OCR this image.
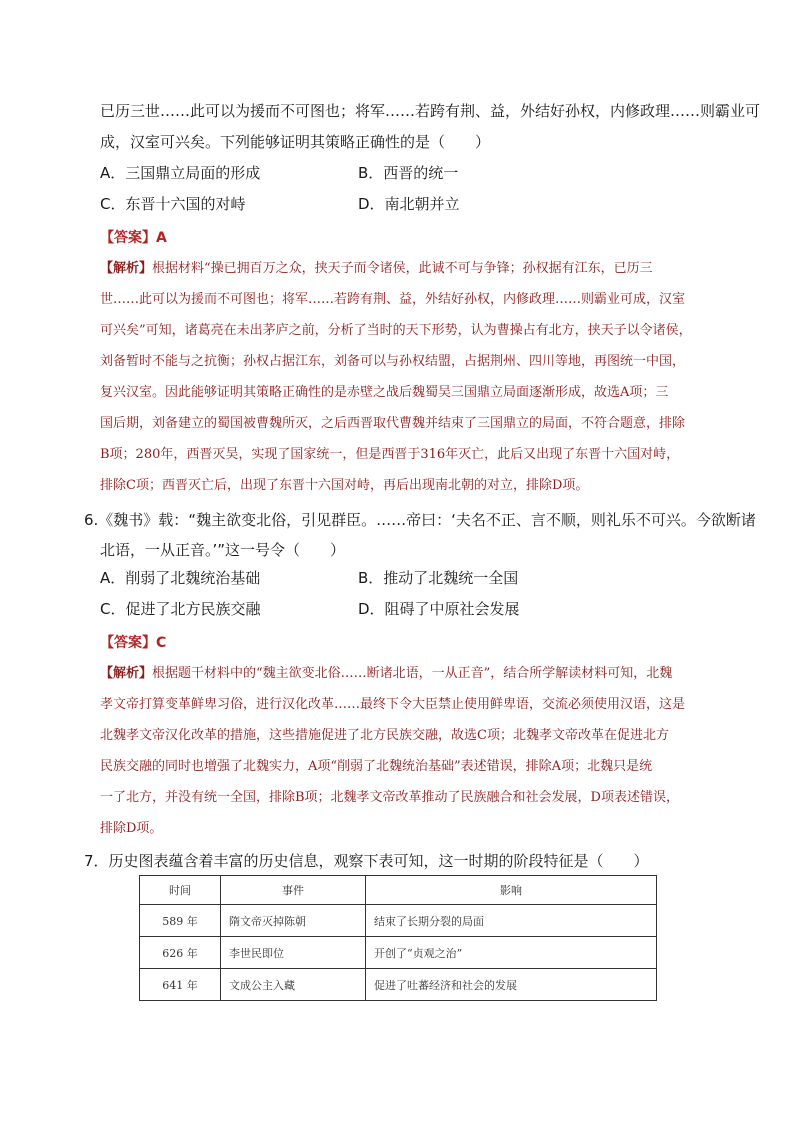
已历三世……此可以为援而不可图也；将军……若跨有荆、益，外结好孙权，内修政理……则霸业可
成，汉室可兴矣。下列能够证明其策略正确性的是（　　）
A．三国鼎立局面的形成	B．西晋的统一
C．东晋十六国的对峙	D．南北朝并立
【答案】A
【解析】根据材料“操已拥百万之众，挟天子而令诸侯，此诚不可与争锋；孙权据有江东，已历三
世……此可以为援而不可图也；将军……若跨有荆、益，外结好孙权，内修政理……则霸业可成，汉室
可兴矣”可知，诸葛亮在未出茅庐之前，分析了当时的天下形势，认为曹操占有北方，挟天子以令诸侯，
刘备暂时不能与之抗衡；孙权占据江东，刘备可以与孙权结盟，占据荆州、四川等地，再图统一中国，
复兴汉室。因此能够证明其策略正确性的是赤壁之战后魏蜀吴三国鼎立局面逐渐形成，故选A项；三
国后期，刘备建立的蜀国被曹魏所灭，之后西晋取代曹魏并结束了三国鼎立的局面，不符合题意，排除
B项；280年，西晋灭吴，实现了国家统一，但是西晋于316年灭亡，此后又出现了东晋十六国对峙，
排除C项；西晋灭亡后，出现了东晋十六国对峙，再后出现南北朝的对立，排除D项。
6.《魏书》载：“魏主欲变北俗，引见群臣。……帝曰：‘夫名不正、言不顺，则礼乐不可兴。今欲断诸
北语，一从正音。’”这一号令（　　）
A．削弱了北魏统治基础	B．推动了北魏统一全国
C．促进了北方民族交融	D．阻碍了中原社会发展
【答案】C
【解析】根据题干材料中的“魏主欲变北俗……断诸北语，一从正音”，结合所学解读材料可知，北魏
孝文帝打算变革鲜卑习俗，进行汉化改革……最终下令大臣禁止使用鲜卑语，交流必须使用汉语，这是
北魏孝文帝汉化改革的措施，这些措施促进了北方民族交融，故选C项；北魏孝文帝改革在促进北方
民族交融的同时也增强了北魏实力，A项“削弱了北魏统治基础”表述错误，排除A项；北魏只是统
一了北方，并没有统一全国，排除B项；北魏孝文帝改革推动了民族融合和社会发展，D项表述错误，
排除D项。
7．历史图表蕴含着丰富的历史信息，观察下表可知，这一时期的阶段特征是（　　）
时间	事件	影响
589 年	隋文帝灭掉陈朝	结束了长期分裂的局面
626 年	李世民即位	开创了“贞观之治”
641 年	文成公主入藏	促进了吐蕃经济和社会的发展
